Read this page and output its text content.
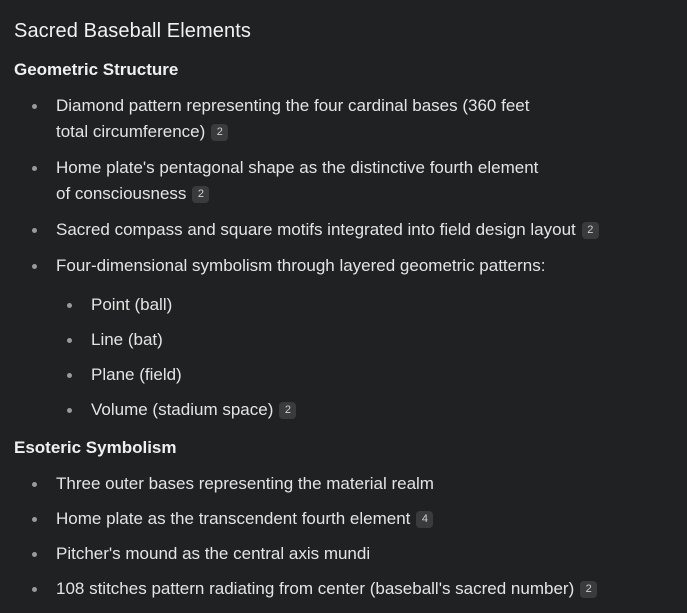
Sacred Baseball Elements
Geometric Structure
Diamond pattern representing the four cardinal bases (360 feet
total circumference) 2
Home plate's pentagonal shape as the distinctive fourth element
of consciousness 2
Sacred compass and square motifs integrated into field design layout 2
Four-dimensional symbolism through layered geometric patterns:
Point (ball)
Line (bat)
Plane (field)
Volume (stadium space) 2
Esoteric Symbolism
Three outer bases representing the material realm
Home plate as the transcendent fourth element 4
Pitcher's mound as the central axis mundi
108 stitches pattern radiating from center (baseball's sacred number) 2
